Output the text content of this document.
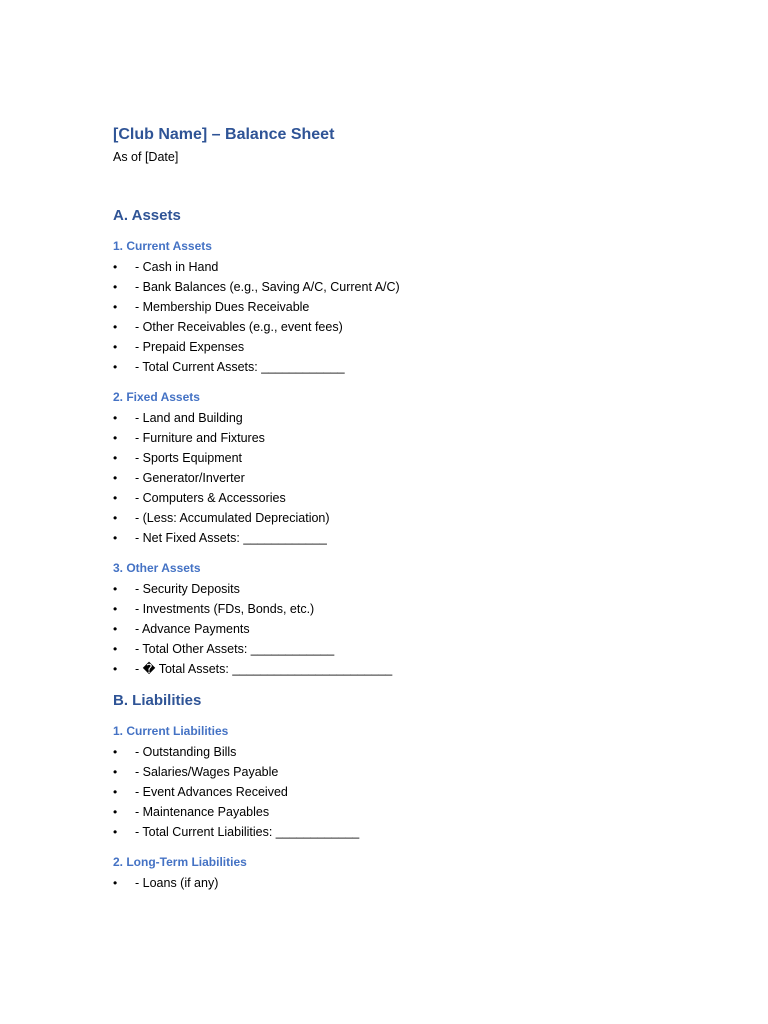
[Club Name] – Balance Sheet

As of [Date]

A. Assets
1. Current Assets
• - Cash in Hand
• - Bank Balances (e.g., Saving A/C, Current A/C)
• - Membership Dues Receivable
• - Other Receivables (e.g., event fees)
• - Prepaid Expenses
• - Total Current Assets: ____________
2. Fixed Assets
• - Land and Building
• - Furniture and Fixtures
• - Sports Equipment
• - Generator/Inverter
• - Computers & Accessories
• - (Less: Accumulated Depreciation)
• - Net Fixed Assets: ____________
3. Other Assets
• - Security Deposits
• - Investments (FDs, Bonds, etc.)
• - Advance Payments
• - Total Other Assets: ____________
• - � Total Assets: _______________________
B. Liabilities
1. Current Liabilities
• - Outstanding Bills
• - Salaries/Wages Payable
• - Event Advances Received
• - Maintenance Payables
• - Total Current Liabilities: ____________
2. Long-Term Liabilities
• - Loans (if any)
